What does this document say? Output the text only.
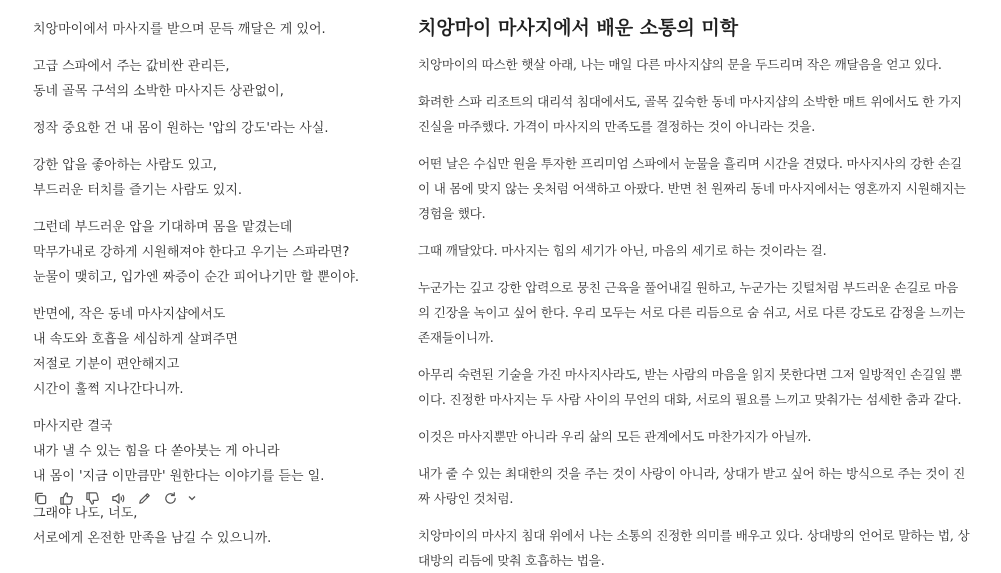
치앙마이에서 마사지를 받으며 문득 깨달은 게 있어.

고급 스파에서 주는 값비싼 관리든,
동네 골목 구석의 소박한 마사지든 상관없이,

정작 중요한 건 내 몸이 원하는 '압의 강도'라는 사실.

강한 압을 좋아하는 사람도 있고,
부드러운 터치를 즐기는 사람도 있지.

그런데 부드러운 압을 기대하며 몸을 맡겼는데
막무가내로 강하게 시원해져야 한다고 우기는 스파라면?
눈물이 맺히고, 입가엔 짜증이 순간 피어나기만 할 뿐이야.

반면에, 작은 동네 마사지샵에서도
내 속도와 호흡을 세심하게 살펴주면
저절로 기분이 편안해지고
시간이 훌쩍 지나간다니까.

마사지란 결국
내가 낼 수 있는 힘을 다 쏟아붓는 게 아니라
내 몸이 '지금 이만큼만' 원한다는 이야기를 듣는 일.

그래야 나도, 너도,
서로에게 온전한 만족을 남길 수 있으니까.

치앙마이 마사지에서 배운 소통의 미학

치앙마이의 따스한 햇살 아래, 나는 매일 다른 마사지샵의 문을 두드리며 작은 깨달음을 얻고 있다.

화려한 스파 리조트의 대리석 침대에서도, 골목 깊숙한 동네 마사지샵의 소박한 매트 위에서도 한 가지
진실을 마주했다. 가격이 마사지의 만족도를 결정하는 것이 아니라는 것을.

어떤 날은 수십만 원을 투자한 프리미엄 스파에서 눈물을 흘리며 시간을 견뎠다. 마사지사의 강한 손길
이 내 몸에 맞지 않는 옷처럼 어색하고 아팠다. 반면 천 원짜리 동네 마사지에서는 영혼까지 시원해지는
경험을 했다.

그때 깨달았다. 마사지는 힘의 세기가 아닌, 마음의 세기로 하는 것이라는 걸.

누군가는 깊고 강한 압력으로 뭉친 근육을 풀어내길 원하고, 누군가는 깃털처럼 부드러운 손길로 마음
의 긴장을 녹이고 싶어 한다. 우리 모두는 서로 다른 리듬으로 숨 쉬고, 서로 다른 강도로 감정을 느끼는
존재들이니까.

아무리 숙련된 기술을 가진 마사지사라도, 받는 사람의 마음을 읽지 못한다면 그저 일방적인 손길일 뿐
이다. 진정한 마사지는 두 사람 사이의 무언의 대화, 서로의 필요를 느끼고 맞춰가는 섬세한 춤과 같다.

이것은 마사지뿐만 아니라 우리 삶의 모든 관계에서도 마찬가지가 아닐까.

내가 줄 수 있는 최대한의 것을 주는 것이 사랑이 아니라, 상대가 받고 싶어 하는 방식으로 주는 것이 진
짜 사랑인 것처럼.

치앙마이의 마사지 침대 위에서 나는 소통의 진정한 의미를 배우고 있다. 상대방의 언어로 말하는 법, 상
대방의 리듬에 맞춰 호흡하는 법을.
